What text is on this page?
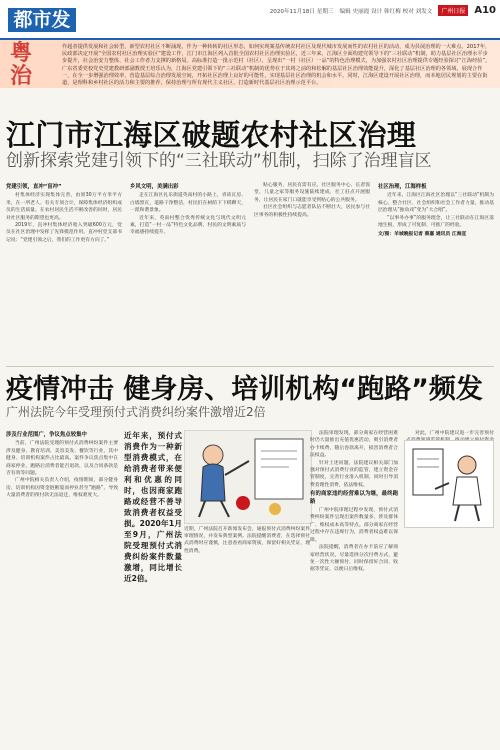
都市发	2020年11月18日 星期三 编辑 史丽霞 设计 韩红梅 校对 刘发文	广州日报 A10
粤治
作超者提供发展和社会转型，新型农村社区不断涌现。作为一种转转的社区形态，如何实现案基传统农村社区及现代城市发展而性的农村社区的活动，成为县展治理的一大难点。2017年，民政部决定开展“全国农村社区治理实验区”建设工作，江门市江海区列入首批全国农村社区治理实验区，近三年来，江海区全面构建党领导下的“三社联动”机制，助力基层社区治理水平步步提升，社会治安力整体、社会工作者力支撑的新格局。高标准打造一批示范村（社区），呈现出“一村（社区）一品”的特色治理模式，为加强农村社区治理提供专题经验探讨“江海经验”。广东省委党校党史党建教研部副教授王培乐认为，江海区党建引领下的“三社联动”机制的优势在于其将之前的和松解的基层社区治理效能提升，深化了基层社区治理的各领域，展现合作一，在全一步增强治理效率，营造基层综合治理发展空间，开拓社区治理上良好的可能性，实现基层社区治理的机会和水平。同时，江海区建设开展社区治理，而本地居民规划的主要在街道，是理科和乡村社区的活力和主要的推荐，保持治理与所有现代主义社区，打造新时代基层社区治理示范平台。
江门市江海区破题农村社区治理
创新探索党建引领下的“三社联动”机制，扫除了治理盲区
党建引领，直冲“盲冲”

村集体经济实现集体完善，由原30万平方米平方米，在一所老人、有关专项合计，保障集体经济组织成员的生活质量。在农村居民生活不断改善的同时，居民对社区服务的期望也更高。

2019年，直冲村集体经济收入突破600万元，党员在社区治理中发挥了先锋模范作用。直冲村党支部书记说：“党建引领之后，我们的工作更有方向了。”

乡风文明，美满出彩

走在江海区礼乐街道英南村的小路上，青砖瓦房、白墙黑瓦，道路干净整洁，村民们在树荫下下棋聊天，一派和谐景象。

近年来，英南村整合优秀传统文化与现代文明元素，打造“一村一品”特色文化品牌，村民的文明素质与幸福感持续提升。

贴心服务，居民有需有应。社区服务中心、长者饭堂、儿童之家等服务设施陆续建成，社工驻点开展服务，让居民在家门口就能享受到贴心的公共服务。

社区社会组织与志愿者队伍不断壮大，居民参与社区事务的积极性持续提高。

社区治理，江海样板

近年来，江海区江海社区治理以“三社联动”机制为核心，整合社区、社会组织和社会工作者力量，推动基层治理从“独角戏”变为“大合唱”。

“以事务办事”的服务理念，让三社联动在江海区落地生根，形成了可复制、可推广的经验。

文/图：羊城晚报记者 蔡嘉 通讯员 江海宣
疫情冲击 健身房、培训机构“跑路”频发
广州法院今年受理预付式消费纠纷案件激增近2倍
涉及行业范围广，争议焦点较集中

当前，广州法院受理的预付式消费纠纷案件主要涉及健身、教育培训、美容美发、餐饮等行业，其中健身、培训机构案件占比最高。案件争议焦点集中在商家停业、跑路后消费者能否退款，以及合同条款是否有效等问题。

广州中院相关负责人介绍，疫情期间，部分健身房、培训机构因资金链断裂而停业甚至“跑路”，导致大量消费者的预付款无法退还，维权难度大。

近年来，预付式消费作为一种新型消费模式，在给消费者带来便利和优惠的同时，也因商家跑路或经营不善导致消费者权益受损。2020年1月至9月，广州法院受理预付式消费纠纷案件数量激增，同比增长近2倍。
近期，广州法院召开新闻发布会，通报预付式消费纠纷案件审理情况，并发布典型案例。法院提醒消费者，在选择预付式消费时应谨慎，注意查看商家资质，保留好相关凭证，理性消费。

法院审理发现，部分商家在经营困难时仍大量推出充值优惠活动，吸引消费者办卡续费，随后卷款离开，损害消费者合法权益。

针对上述问题，法院建议相关部门加强对预付式消费行业的监管，建立资金存管制度，完善行业准入机制，同时引导消费者理性消费，依法维权。

有的商家违约经营难以为继，最终跑路

广州中院审理过程中发现，预付式消费纠纷案件呈现出案件数量多、涉及群体广、维权成本高等特点。部分商家在经营过程中存在违规行为，消费者权益难以保障。

法院提醒，消费者在办卡前应了解商家经营状况，尽量选择分次付费方式，避免一次性大额预付，同时保留好合同、收据等凭证，以便日后维权。

对此，广州中院建议进一步完善预付
